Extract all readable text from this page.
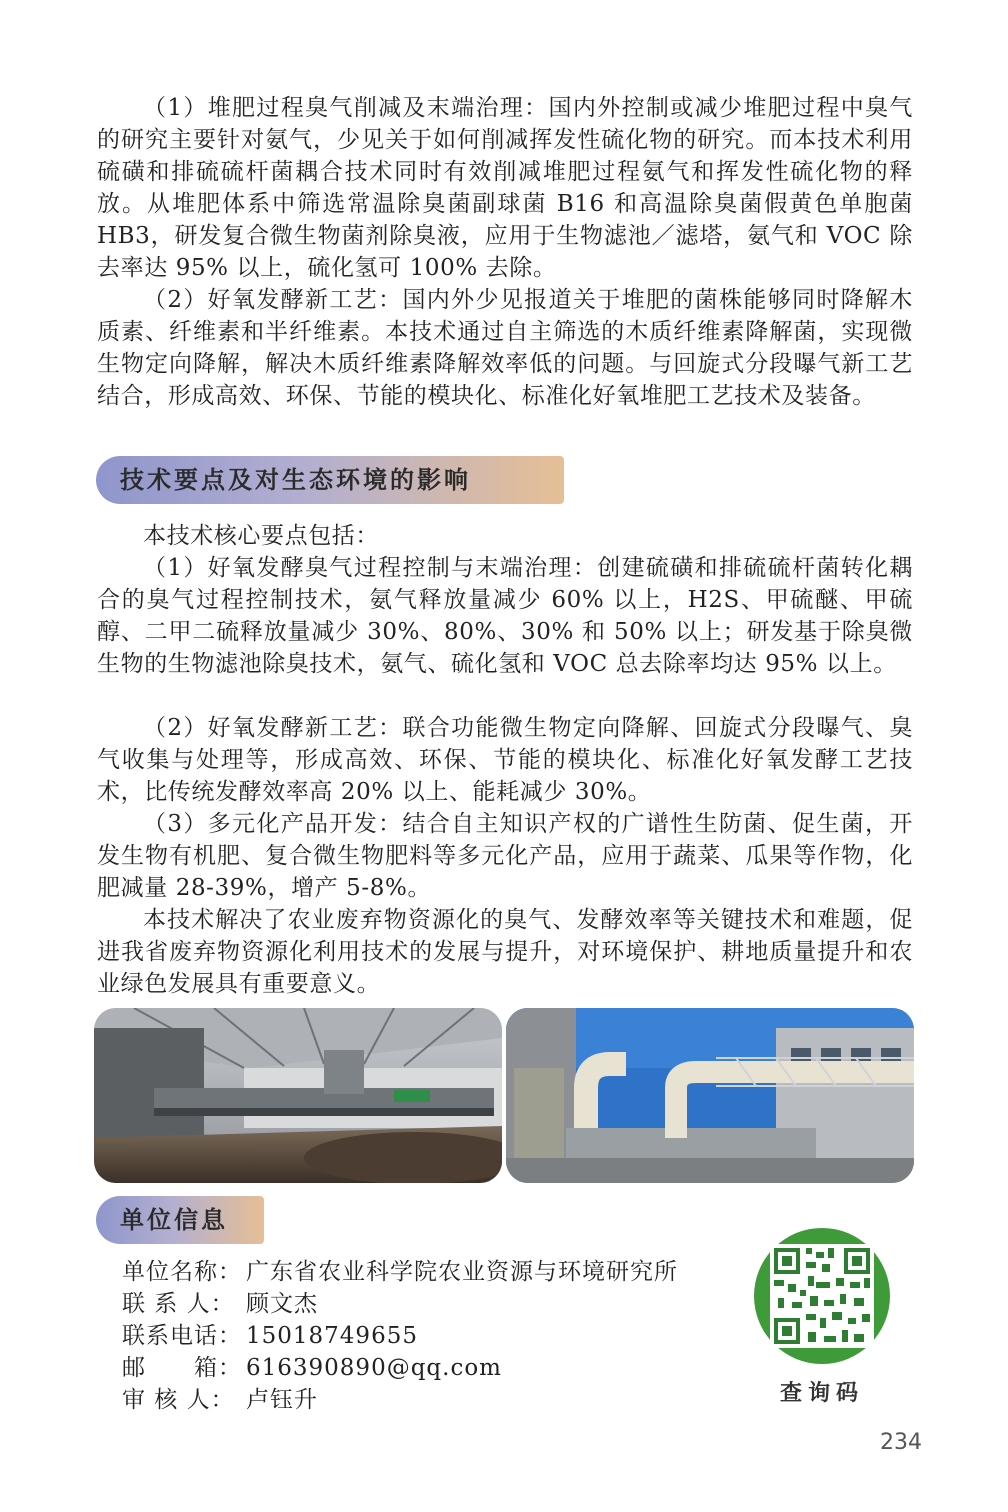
（1）堆肥过程臭气削减及末端治理：国内外控制或减少堆肥过程中臭气的研究主要针对氨气，少见关于如何削减挥发性硫化物的研究。而本技术利用硫磺和排硫硫杆菌耦合技术同时有效削减堆肥过程氨气和挥发性硫化物的释放。从堆肥体系中筛选常温除臭菌副球菌 B16 和高温除臭菌假黄色单胞菌 HB3，研发复合微生物菌剂除臭液，应用于生物滤池／滤塔，氨气和 VOC 除去率达 95% 以上，硫化氢可 100% 去除。

（2）好氧发酵新工艺：国内外少见报道关于堆肥的菌株能够同时降解木质素、纤维素和半纤维素。本技术通过自主筛选的木质纤维素降解菌，实现微生物定向降解，解决木质纤维素降解效率低的问题。与回旋式分段曝气新工艺结合，形成高效、环保、节能的模块化、标准化好氧堆肥工艺技术及装备。

技术要点及对生态环境的影响

本技术核心要点包括：

（1）好氧发酵臭气过程控制与末端治理：创建硫磺和排硫硫杆菌转化耦合的臭气过程控制技术，氨气释放量减少 60% 以上，H2S、甲硫醚、甲硫醇、二甲二硫释放量减少 30%、80%、30% 和 50% 以上；研发基于除臭微生物的生物滤池除臭技术，氨气、硫化氢和 VOC 总去除率均达 95% 以上。

（2）好氧发酵新工艺：联合功能微生物定向降解、回旋式分段曝气、臭气收集与处理等，形成高效、环保、节能的模块化、标准化好氧发酵工艺技术，比传统发酵效率高 20% 以上、能耗减少 30%。

（3）多元化产品开发：结合自主知识产权的广谱性生防菌、促生菌，开发生物有机肥、复合微生物肥料等多元化产品，应用于蔬菜、瓜果等作物，化肥减量 28-39%，增产 5-8%。

本技术解决了农业废弃物资源化的臭气、发酵效率等关键技术和难题，促进我省废弃物资源化利用技术的发展与提升，对环境保护、耕地质量提升和农业绿色发展具有重要意义。

单位信息
单位名称： 广东省农业科学院农业资源与环境研究所
联 系 人： 顾文杰
联系电话： 15018749655
邮　　箱： 616390890@qq.com
审 核 人： 卢钰升	查询码
234
